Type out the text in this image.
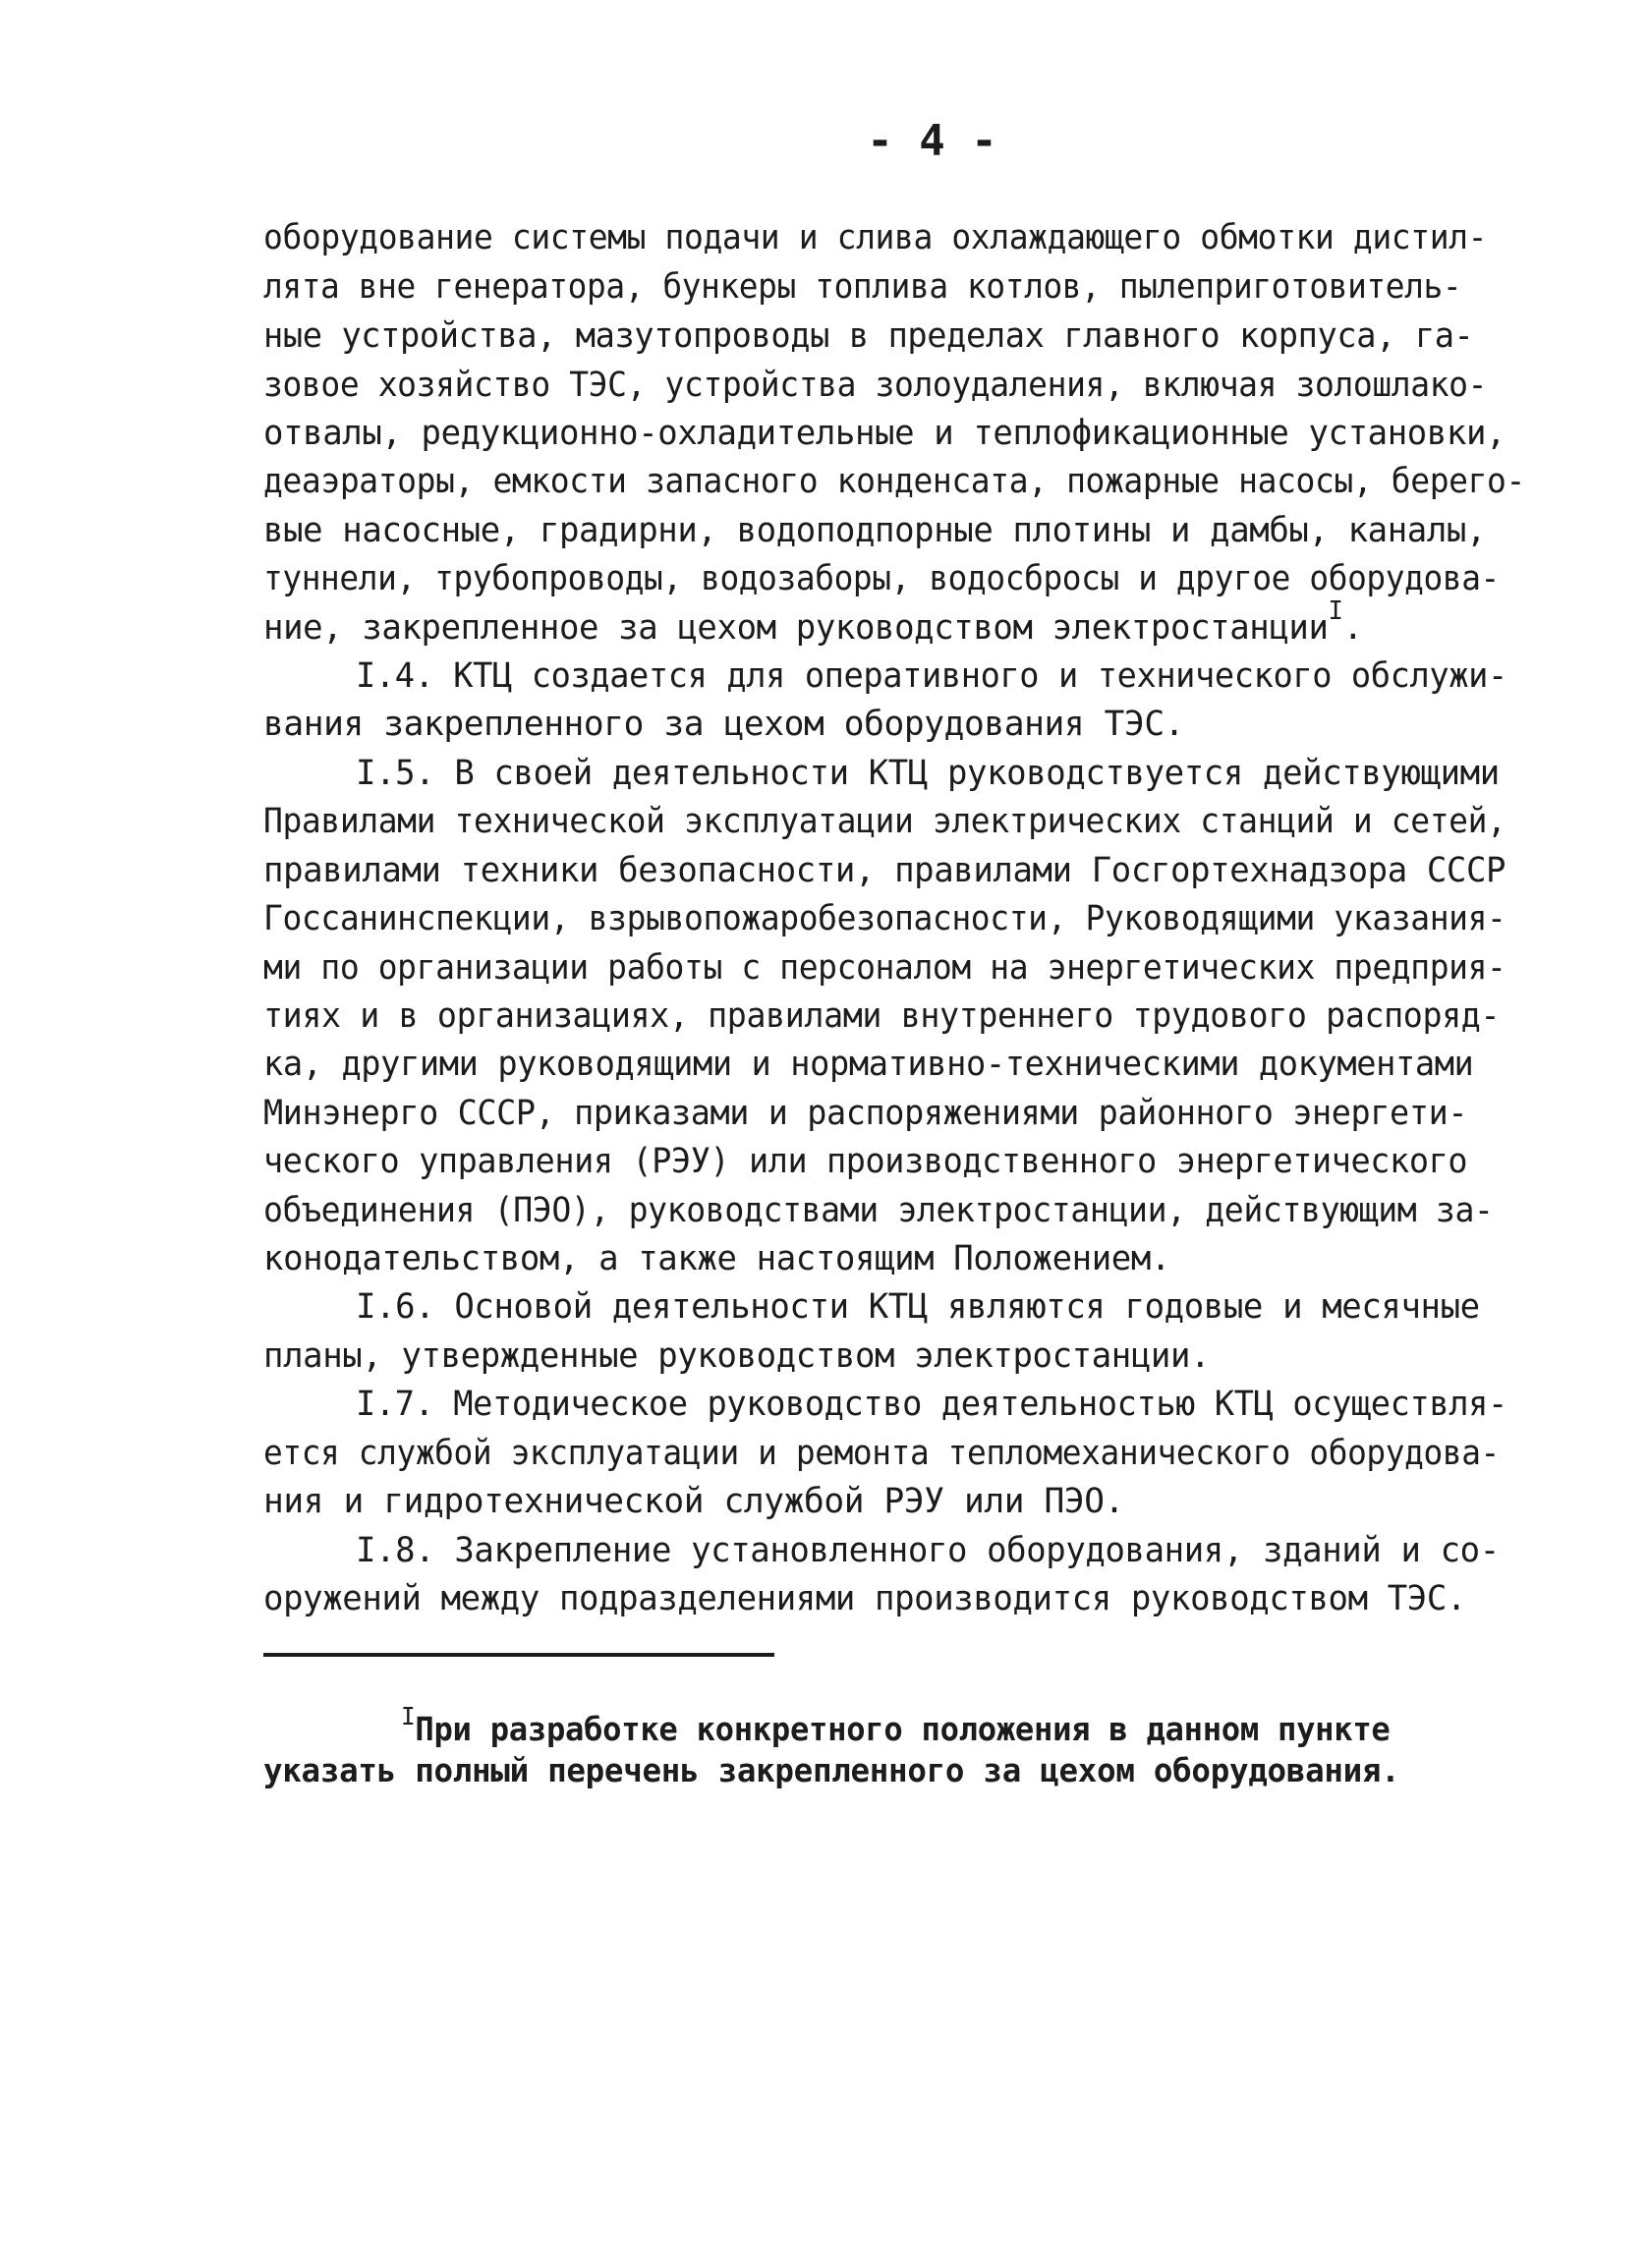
- 4 -
оборудование системы подачи и слива охлаждающего обмотки дистил-
лята вне генератора, бункеры топлива котлов, пылеприготовитель-
ные устройства, мазутопроводы в пределах главного корпуса, га-
зовое хозяйство ТЭС, устройства золоудаления, включая золошлако-
отвалы, редукционно-охладительные и теплофикационные установки,
деаэраторы, емкости запасного конденсата, пожарные насосы, берего-
вые насосные, градирни, водоподпорные плотины и дамбы, каналы,
туннели, трубопроводы, водозаборы, водосбросы и другое оборудова-
ние, закрепленное за цехом руководством электростанции$^I$.
I.4. КТЦ создается для оперативного и технического обслужи-
вания закрепленного за цехом оборудования ТЭС.
I.5. В своей деятельности КТЦ руководствуется действующими
Правилами технической эксплуатации электрических станций и сетей,
правилами техники безопасности, правилами Госгортехнадзора СССР
Госсанинспекции, взрывопожаробезопасности, Руководящими указания-
ми по организации работы с персоналом на энергетических предприя-
тиях и в организациях, правилами внутреннего трудового распоряд-
ка, другими руководящими и нормативно-техническими документами
Минэнерго СССР, приказами и распоряжениями районного энергети-
ческого управления (РЭУ) или производственного энергетического
объединения (ПЭО), руководствами электростанции, действующим за-
конодательством, а также настоящим Положением.
I.6. Основой деятельности КТЦ являются годовые и месячные
планы, утвержденные руководством электростанции.
I.7. Методическое руководство деятельностью КТЦ осуществля-
ется службой эксплуатации и ремонта тепломеханического оборудова-
ния и гидротехнической службой РЭУ или ПЭО.
I.8. Закрепление установленного оборудования, зданий и со-
оружений между подразделениями производится руководством ТЭС.
$^I$При разработке конкретного положения в данном пункте
указать полный перечень закрепленного за цехом оборудования.
